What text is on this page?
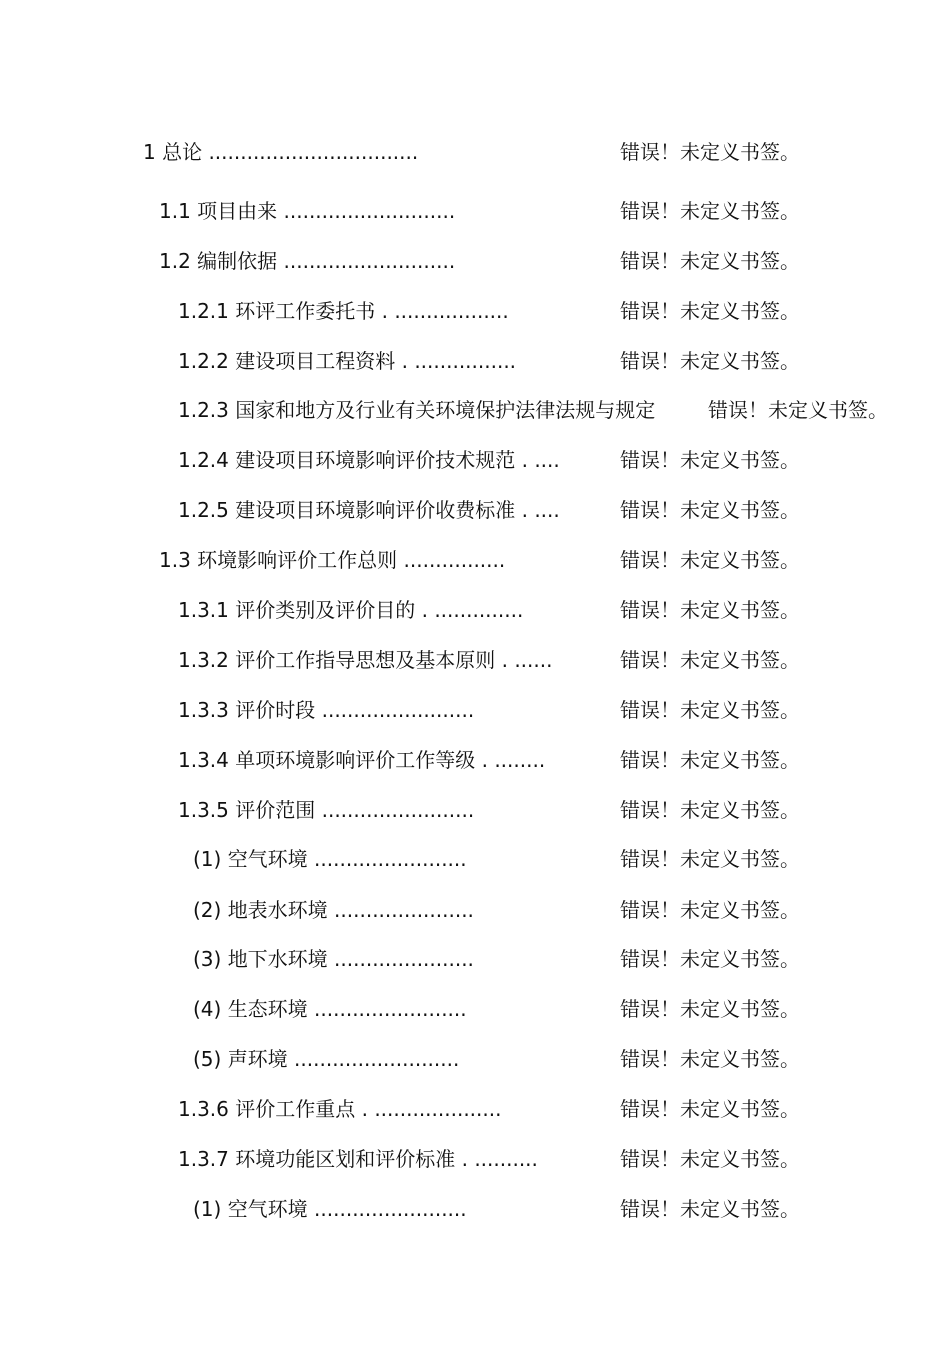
1 总论 .................................	错误！未定义书签。
1.1 项目由来 ...........................	错误！未定义书签。
1.2 编制依据 ...........................	错误！未定义书签。
1.2.1 环评工作委托书 . ..................	错误！未定义书签。
1.2.2 建设项目工程资料 . ................	错误！未定义书签。
1.2.3 国家和地方及行业有关环境保护法律法规与规定	错误！未定义书签。
1.2.4 建设项目环境影响评价技术规范 . ....	错误！未定义书签。
1.2.5 建设项目环境影响评价收费标准 . ....	错误！未定义书签。
1.3 环境影响评价工作总则 ................	错误！未定义书签。
1.3.1 评价类别及评价目的 . ..............	错误！未定义书签。
1.3.2 评价工作指导思想及基本原则 . ......	错误！未定义书签。
1.3.3 评价时段 ........................	错误！未定义书签。
1.3.4 单项环境影响评价工作等级 . ........	错误！未定义书签。
1.3.5 评价范围 ........................	错误！未定义书签。
(1) 空气环境 ........................	错误！未定义书签。
(2) 地表水环境 ......................	错误！未定义书签。
(3) 地下水环境 ......................	错误！未定义书签。
(4) 生态环境 ........................	错误！未定义书签。
(5) 声环境 ..........................	错误！未定义书签。
1.3.6 评价工作重点 . ....................	错误！未定义书签。
1.3.7 环境功能区划和评价标准 . ..........	错误！未定义书签。
(1) 空气环境 ........................	错误！未定义书签。
